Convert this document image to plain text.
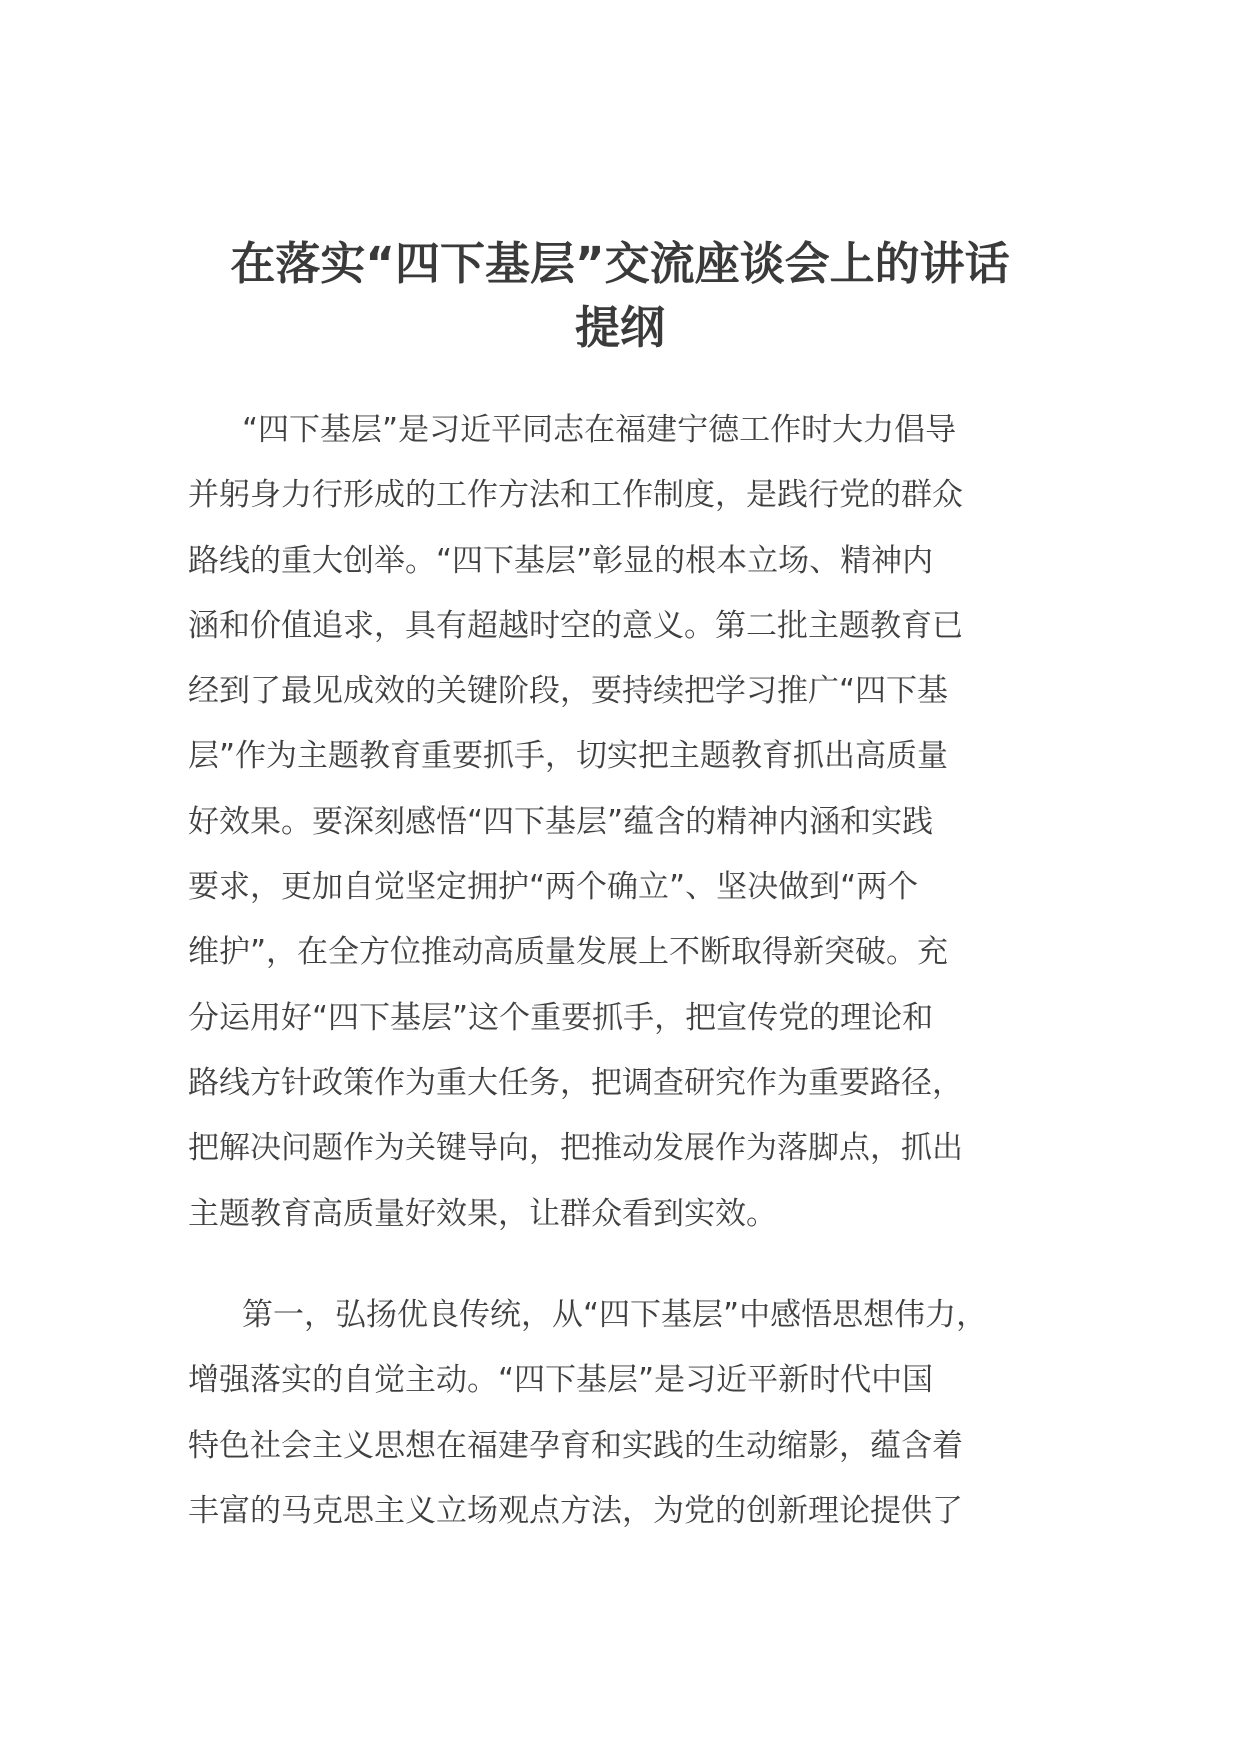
在落实“四下基层”交流座谈会上的讲话
提纲

“四下基层”是习近平同志在福建宁德工作时大力倡导
并躬身力行形成的工作方法和工作制度，是践行党的群众
路线的重大创举。“四下基层”彰显的根本立场、精神内
涵和价值追求，具有超越时空的意义。第二批主题教育已
经到了最见成效的关键阶段，要持续把学习推广“四下基
层”作为主题教育重要抓手，切实把主题教育抓出高质量
好效果。要深刻感悟“四下基层”蕴含的精神内涵和实践
要求，更加自觉坚定拥护“两个确立”、坚决做到“两个
维护”，在全方位推动高质量发展上不断取得新突破。充
分运用好“四下基层”这个重要抓手，把宣传党的理论和
路线方针政策作为重大任务，把调查研究作为重要路径，
把解决问题作为关键导向，把推动发展作为落脚点，抓出
主题教育高质量好效果，让群众看到实效。

第一，弘扬优良传统，从“四下基层”中感悟思想伟力，
增强落实的自觉主动。“四下基层”是习近平新时代中国
特色社会主义思想在福建孕育和实践的生动缩影，蕴含着
丰富的马克思主义立场观点方法，为党的创新理论提供了
